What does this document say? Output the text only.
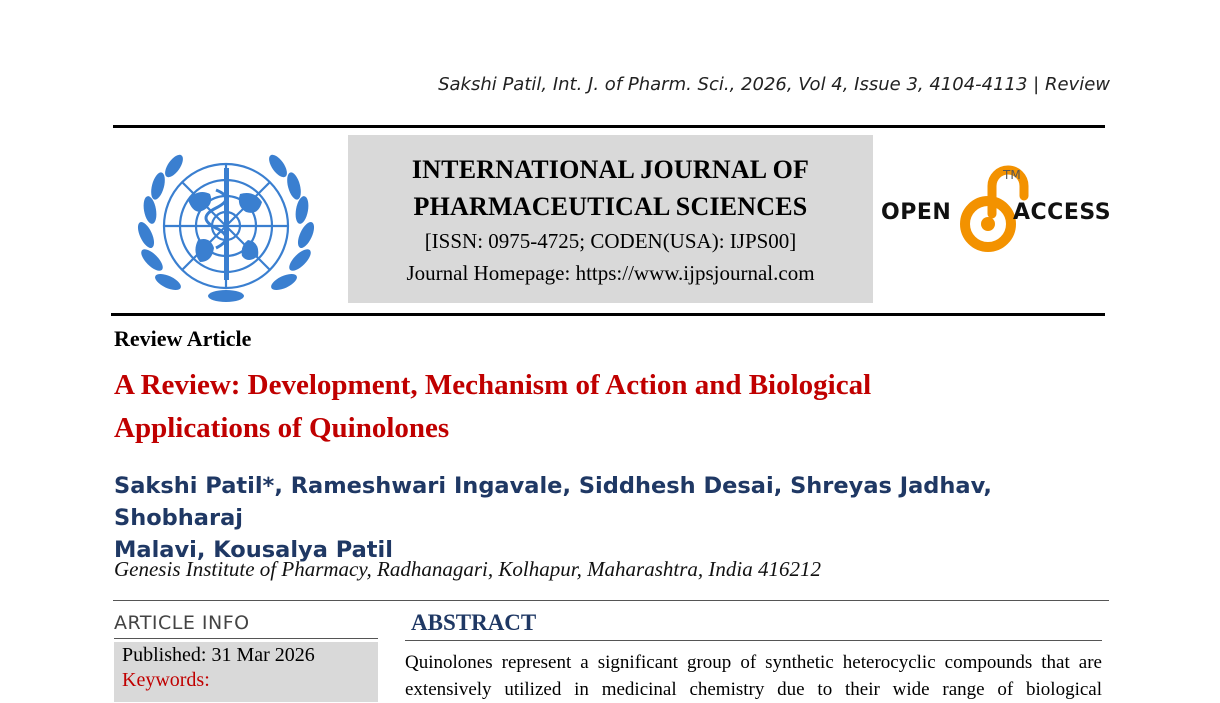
Sakshi Patil, Int. J. of Pharm. Sci., 2026, Vol 4, Issue 3, 4104-4113 | Review
INTERNATIONAL JOURNAL OF
PHARMACEUTICAL SCIENCES
[ISSN: 0975-4725; CODEN(USA): IJPS00]
Journal Homepage: https://www.ijpsjournal.com
OPEN	ACCESS
TM
Review Article
A Review: Development, Mechanism of Action and Biological
Applications of Quinolones
Sakshi Patil*, Rameshwari Ingavale, Siddhesh Desai, Shreyas Jadhav, Shobharaj
Malavi, Kousalya Patil
Genesis Institute of Pharmacy, Radhanagari, Kolhapur, Maharashtra, India 416212
ARTICLE INFO
Published: 31 Mar 2026
Keywords:
ABSTRACT
Quinolones represent a significant group of synthetic heterocyclic compounds that are
extensively utilized in medicinal chemistry due to their wide range of biological
